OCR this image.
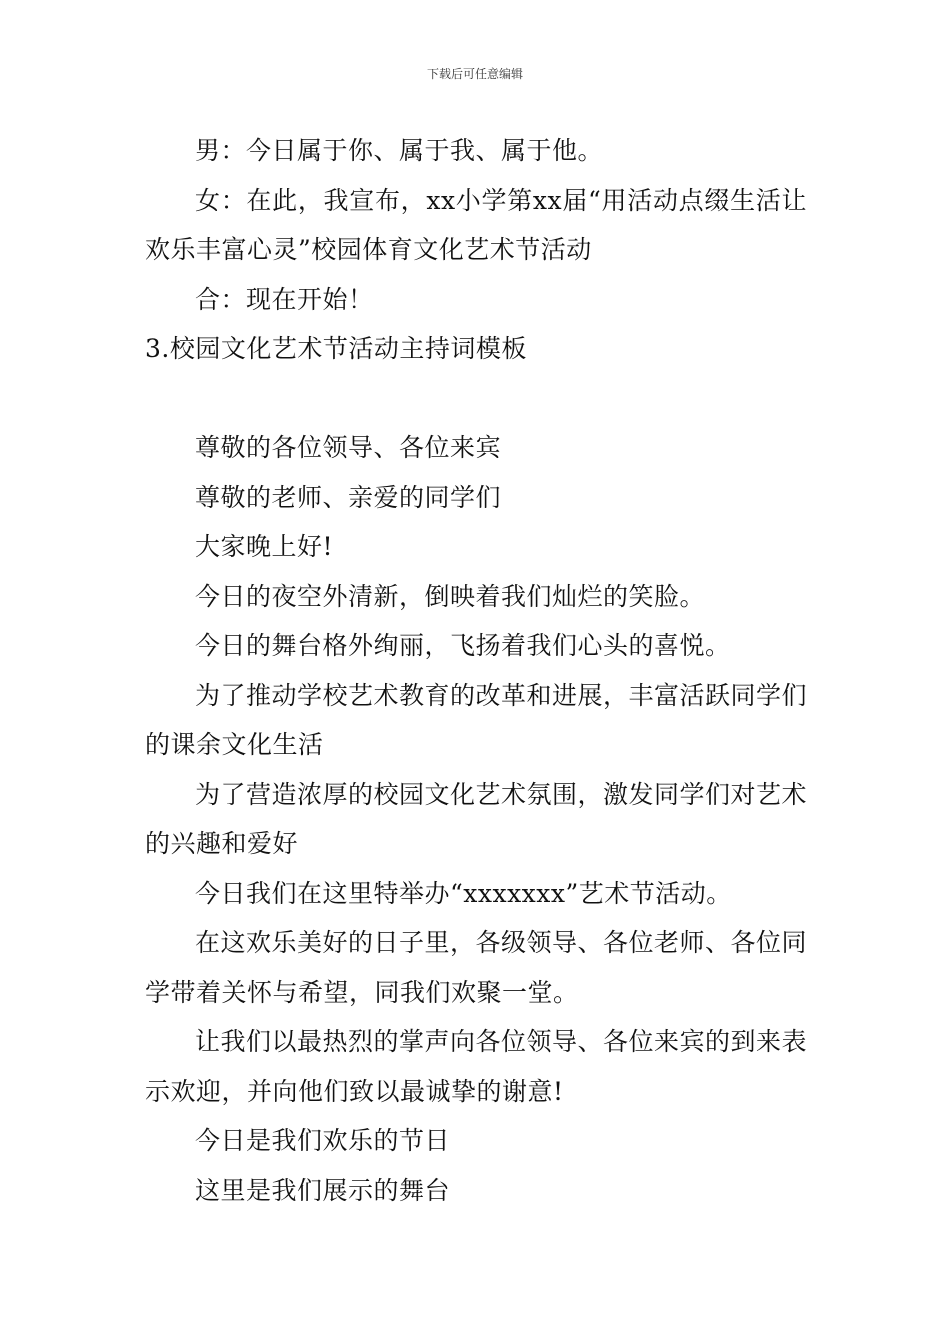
下载后可任意编辑

男：今日属于你、属于我、属于他。

女：在此，我宣布，xx小学第xx届“用活动点缀生活让欢乐丰富心灵”校园体育文化艺术节活动

合：现在开始！

3.校园文化艺术节活动主持词模板

尊敬的各位领导、各位来宾

尊敬的老师、亲爱的同学们

大家晚上好!

今日的夜空外清新，倒映着我们灿烂的笑脸。

今日的舞台格外绚丽，飞扬着我们心头的喜悦。

为了推动学校艺术教育的改革和进展，丰富活跃同学们的课余文化生活

为了营造浓厚的校园文化艺术氛围，激发同学们对艺术的兴趣和爱好

今日我们在这里特举办“xxxxxxx”艺术节活动。

在这欢乐美好的日子里，各级领导、各位老师、各位同学带着关怀与希望，同我们欢聚一堂。

让我们以最热烈的掌声向各位领导、各位来宾的到来表示欢迎，并向他们致以最诚挚的谢意!

今日是我们欢乐的节日

这里是我们展示的舞台
